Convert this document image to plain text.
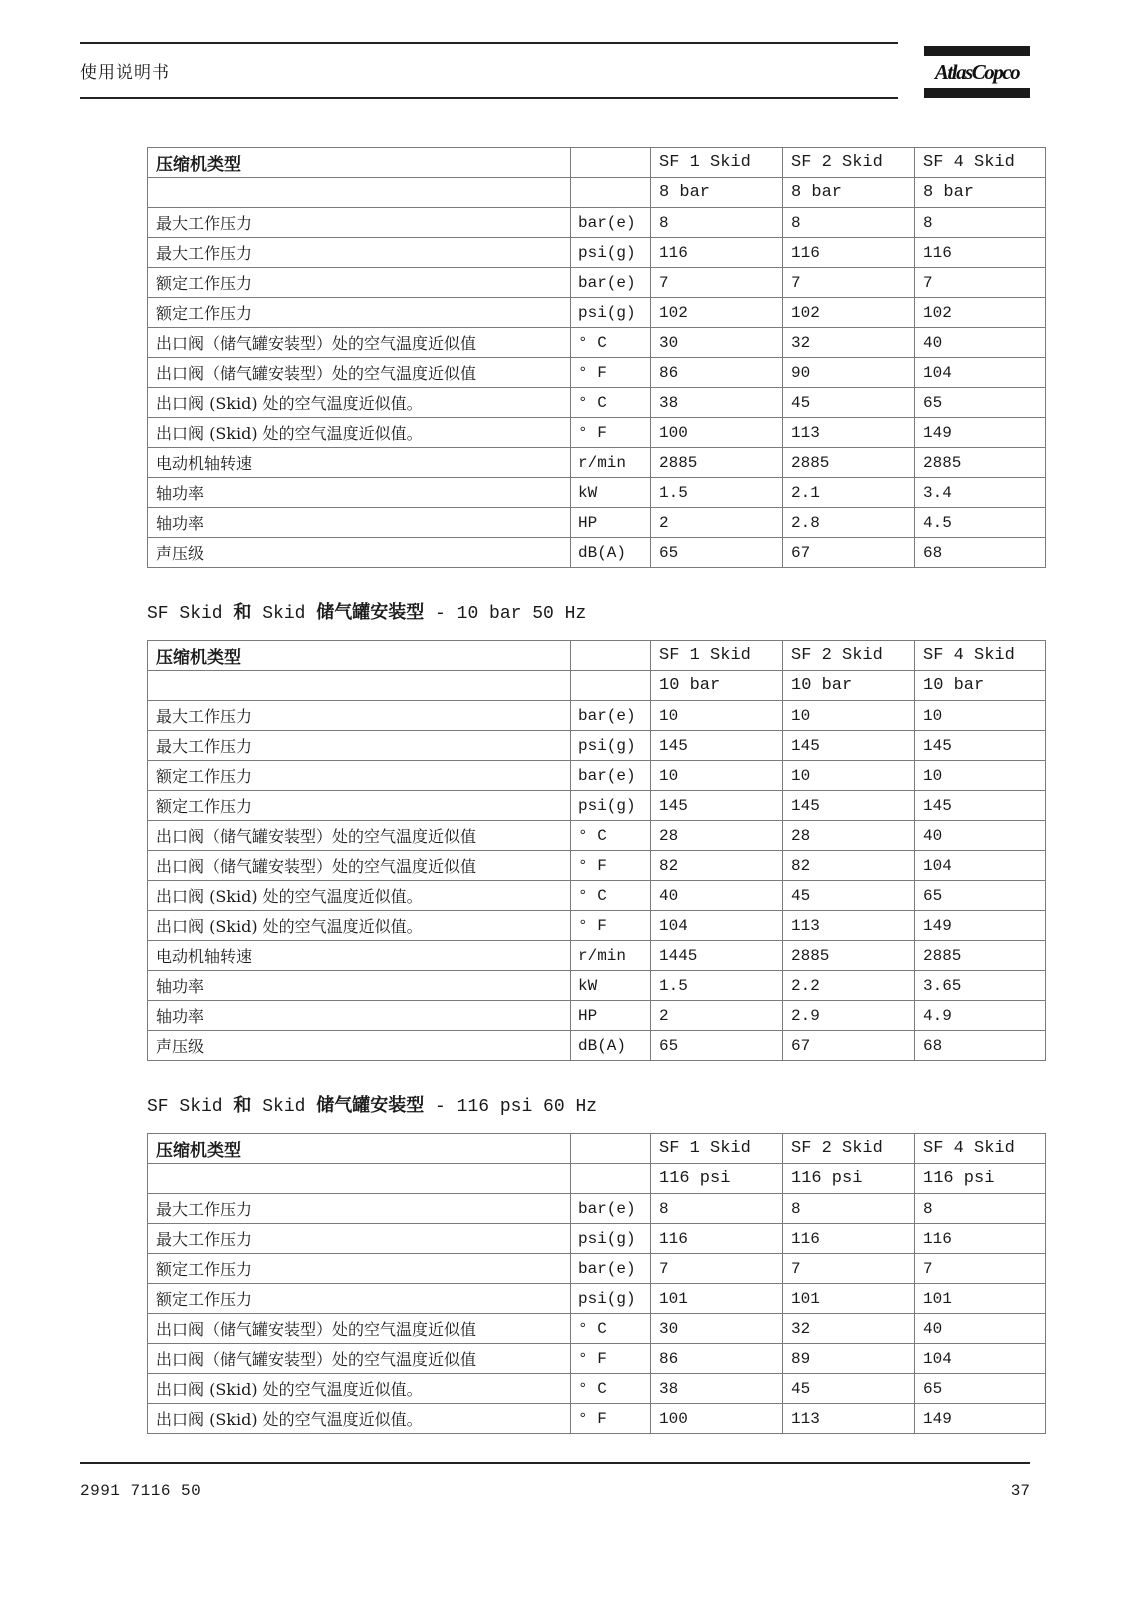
使用说明书	AtlasCopco
压缩机类型		SF 1 Skid	SF 2 Skid	SF 4 Skid
		8 bar	8 bar	8 bar
最大工作压力	bar(e)	8	8	8
最大工作压力	psi(g)	116	116	116
额定工作压力	bar(e)	7	7	7
额定工作压力	psi(g)	102	102	102
出口阀（储气罐安装型）处的空气温度近似值	° C	30	32	40
出口阀（储气罐安装型）处的空气温度近似值	° F	86	90	104
出口阀 (Skid) 处的空气温度近似值。	° C	38	45	65
出口阀 (Skid) 处的空气温度近似值。	° F	100	113	149
电动机轴转速	r/min	2885	2885	2885
轴功率	kW	1.5	2.1	3.4
轴功率	HP	2	2.8	4.5
声压级	dB(A)	65	67	68
SF Skid 和 Skid 储气罐安装型 - 10 bar 50 Hz
压缩机类型		SF 1 Skid	SF 2 Skid	SF 4 Skid
		10 bar	10 bar	10 bar
最大工作压力	bar(e)	10	10	10
最大工作压力	psi(g)	145	145	145
额定工作压力	bar(e)	10	10	10
额定工作压力	psi(g)	145	145	145
出口阀（储气罐安装型）处的空气温度近似值	° C	28	28	40
出口阀（储气罐安装型）处的空气温度近似值	° F	82	82	104
出口阀 (Skid) 处的空气温度近似值。	° C	40	45	65
出口阀 (Skid) 处的空气温度近似值。	° F	104	113	149
电动机轴转速	r/min	1445	2885	2885
轴功率	kW	1.5	2.2	3.65
轴功率	HP	2	2.9	4.9
声压级	dB(A)	65	67	68
SF Skid 和 Skid 储气罐安装型 - 116 psi 60 Hz
压缩机类型		SF 1 Skid	SF 2 Skid	SF 4 Skid
		116 psi	116 psi	116 psi
最大工作压力	bar(e)	8	8	8
最大工作压力	psi(g)	116	116	116
额定工作压力	bar(e)	7	7	7
额定工作压力	psi(g)	101	101	101
出口阀（储气罐安装型）处的空气温度近似值	° C	30	32	40
出口阀（储气罐安装型）处的空气温度近似值	° F	86	89	104
出口阀 (Skid) 处的空气温度近似值。	° C	38	45	65
出口阀 (Skid) 处的空气温度近似值。	° F	100	113	149
2991 7116 50	37
